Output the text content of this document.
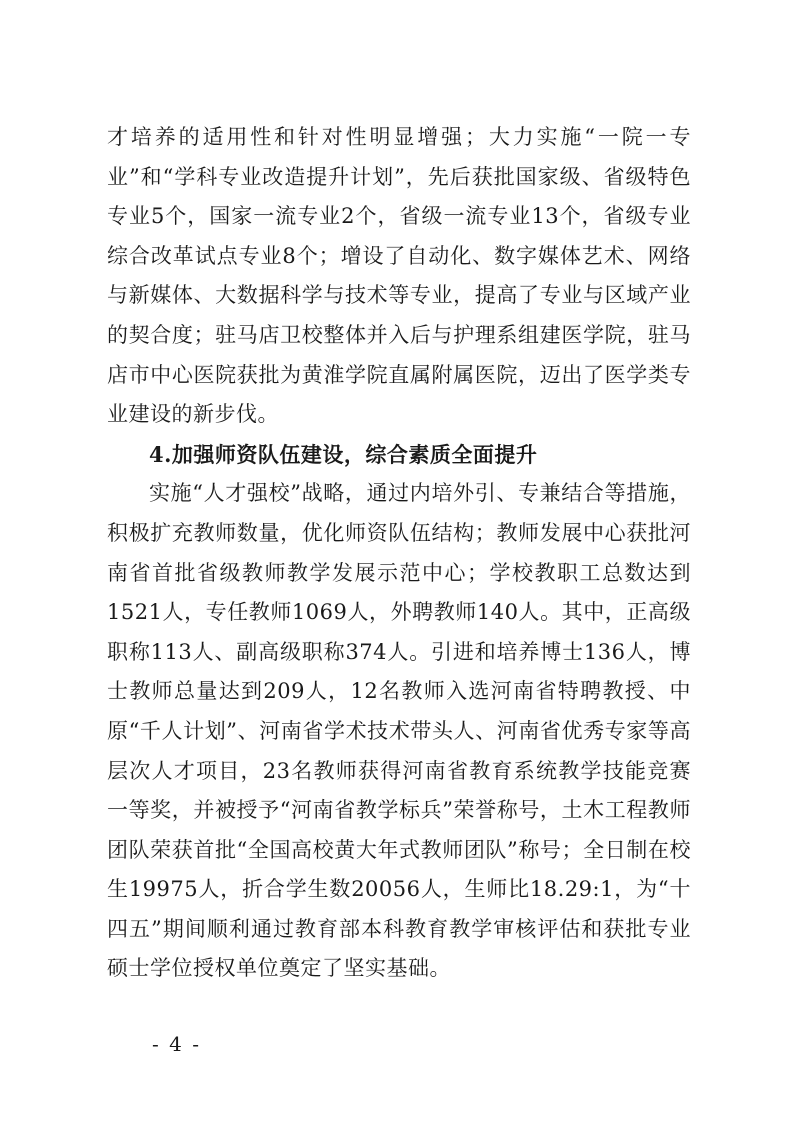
才培养的适用性和针对性明显增强；大力实施“一院一专业”和“学科专业改造提升计划”，先后获批国家级、省级特色专业5个，国家一流专业2个，省级一流专业13个，省级专业综合改革试点专业8个；增设了自动化、数字媒体艺术、网络与新媒体、大数据科学与技术等专业，提高了专业与区域产业的契合度；驻马店卫校整体并入后与护理系组建医学院，驻马店市中心医院获批为黄淮学院直属附属医院，迈出了医学类专业建设的新步伐。

4.加强师资队伍建设，综合素质全面提升

实施“人才强校”战略，通过内培外引、专兼结合等措施，积极扩充教师数量，优化师资队伍结构；教师发展中心获批河南省首批省级教师教学发展示范中心；学校教职工总数达到1521人，专任教师1069人，外聘教师140人。其中，正高级职称113人、副高级职称374人。引进和培养博士136人，博士教师总量达到209人，12名教师入选河南省特聘教授、中原“千人计划”、河南省学术技术带头人、河南省优秀专家等高层次人才项目，23名教师获得河南省教育系统教学技能竞赛一等奖，并被授予“河南省教学标兵”荣誉称号，土木工程教师团队荣获首批“全国高校黄大年式教师团队”称号；全日制在校生19975人，折合学生数20056人，生师比18.29:1，为“十四五”期间顺利通过教育部本科教育教学审核评估和获批专业硕士学位授权单位奠定了坚实基础。

- 4 -
